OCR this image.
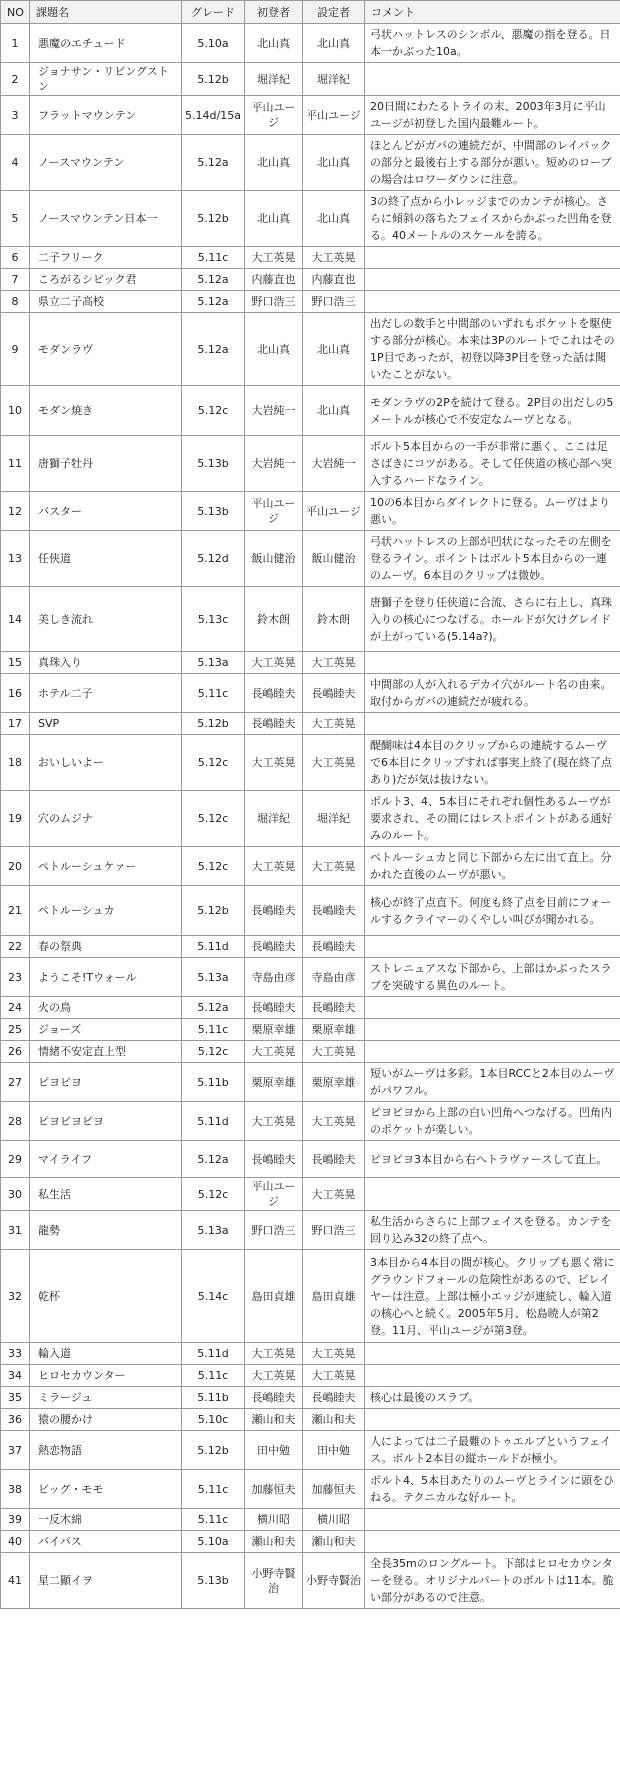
NO	課題名	グレード	初登者	設定者	コメント
1	悪魔のエチュード	5.10a	北山真	北山真	弓状ハットレスのシンボル、悪魔の指を登る。日本一かぶった10a。
2	ジョナサン・リビングストン	5.12b	堀洋紀	堀洋紀	
3	フラットマウンテン	5.14d/15a	平山ユージ	平山ユージ	20日間にわたるトライの末、2003年3月に平山ユージが初登した国内最難ルート。
4	ノースマウンテン	5.12a	北山真	北山真	ほとんどがガバの連続だが、中間部のレイバックの部分と最後右上する部分が悪い。短めのロープの場合はロワーダウンに注意。
5	ノースマウンテン日本一	5.12b	北山真	北山真	3の終了点から小レッジまでのカンテが核心。さらに傾斜の落ちたフェイスからかぶった凹角を登る。40メートルのスケールを誇る。
6	二子フリーク	5.11c	大工英晃	大工英晃	
7	ころがるシビック君	5.12a	内藤直也	内藤直也	
8	県立二子高校	5.12a	野口浩三	野口浩三	
9	モダンラヴ	5.12a	北山真	北山真	出だしの数手と中間部のいずれもポケットを駆使する部分が核心。本来は3Pのルートでこれはその1P目であったが、初登以降3P目を登った話は聞いたことがない。
10	モダン焼き	5.12c	大岩純一	北山真	モダンラヴの2Pを続けて登る。2P目の出だしの5メートルが核心で不安定なムーヴとなる。
11	唐獅子牡丹	5.13b	大岩純一	大岩純一	ボルト5本目からの一手が非常に悪く、ここは足さばきにコツがある。そして任侠道の核心部へ突入するハードなライン。
12	バスター	5.13b	平山ユージ	平山ユージ	10の6本目からダイレクトに登る。ムーヴはより悪い。
13	任侠道	5.12d	飯山健治	飯山健治	弓状ハットレスの上部が凹状になったその左側を登るライン。ポイントはボルト5本目からの一連のムーヴ。6本目のクリップは微妙。
14	美しき流れ	5.13c	鈴木朗	鈴木朗	唐獅子を登り任侠道に合流、さらに右上し、真珠入りの核心につなげる。ホールドが欠けグレイドが上がっている(5.14a?)。
15	真珠入り	5.13a	大工英晃	大工英晃	
16	ホテル二子	5.11c	長嶋睦夫	長嶋睦夫	中間部の人が入れるデカイ穴がルート名の由来。取付からガバの連続だが疲れる。
17	SVP	5.12b	長嶋睦夫	大工英晃	
18	おいしいよー	5.12c	大工英晃	大工英晃	醍醐味は4本目のクリップからの連続するムーヴで6本目にクリップすれば事実上終了(現在終了点あり)だが気は抜けない。
19	穴のムジナ	5.12c	堀洋紀	堀洋紀	ボルト3、4、5本目にそれぞれ個性あるムーヴが要求され、その間にはレストポイントがある通好みのルート。
20	ペトルーシュケァー	5.12c	大工英晃	大工英晃	ペトルーシュカと同じ下部から左に出て直上。分かれた直後のムーヴが悪い。
21	ペトルーシュカ	5.12b	長嶋睦夫	長嶋睦夫	核心が終了点直下。何度も終了点を目前にフォールするクライマーのくやしい叫びが聞かれる。
22	春の祭典	5.11d	長嶋睦夫	長嶋睦夫	
23	ようこそ!Tウォール	5.13a	寺島由彦	寺島由彦	ストレニュアスな下部から、上部はかぶったスラブを突破する異色のルート。
24	火の鳥	5.12a	長嶋睦夫	長嶋睦夫	
25	ジョーズ	5.11c	栗原幸雄	栗原幸雄	
26	情緒不安定直上型	5.12c	大工英晃	大工英晃	
27	ピヨピヨ	5.11b	栗原幸雄	栗原幸雄	短いがムーヴは多彩。1本目RCCと2本目のムーヴがパワフル。
28	ピヨピヨピヨ	5.11d	大工英晃	大工英晃	ピヨピヨから上部の白い凹角へつなげる。凹角内のポケットが楽しい。
29	マイライフ	5.12a	長嶋睦夫	長嶋睦夫	ピヨピヨ3本目から右へトラヴァースして直上。
30	私生活	5.12c	平山ユージ	大工英晃	
31	龍勢	5.13a	野口浩三	野口浩三	私生活からさらに上部フェイスを登る。カンテを回り込み32の終了点へ。
32	乾杯	5.14c	島田貞雄	島田貞雄	3本目から4本目の間が核心。クリップも悪く常にグラウンドフォールの危険性があるので、ビレイヤーは注意。上部は極小エッジが連続し、輪入道の核心へと続く。2005年5月、松島暁人が第2登。11月、平山ユージが第3登。
33	輪入道	5.11d	大工英晃	大工英晃	
34	ヒロセカウンター	5.11c	大工英晃	大工英晃	
35	ミラージュ	5.11b	長嶋睦夫	長嶋睦夫	核心は最後のスラブ。
36	猿の腰かけ	5.10c	瀬山和夫	瀬山和夫	
37	熱恋物語	5.12b	田中勉	田中勉	人によっては二子最難のトゥエルブというフェイス。ボルト2本目の縦ホールドが極小。
38	ビッグ・モモ	5.11c	加藤恒夫	加藤恒夫	ボルト4、5本目あたりのムーヴとラインに頭をひねる。テクニカルな好ルート。
39	一反木綿	5.11c	横川昭	横川昭	
40	バイパス	5.10a	瀬山和夫	瀬山和夫	
41	星二顯イヲ	5.13b	小野寺賢治	小野寺賢治	全長35mのロングルート。下部はヒロセカウンターを登る。オリジナルパートのボルトは11本。脆い部分があるので注意。
